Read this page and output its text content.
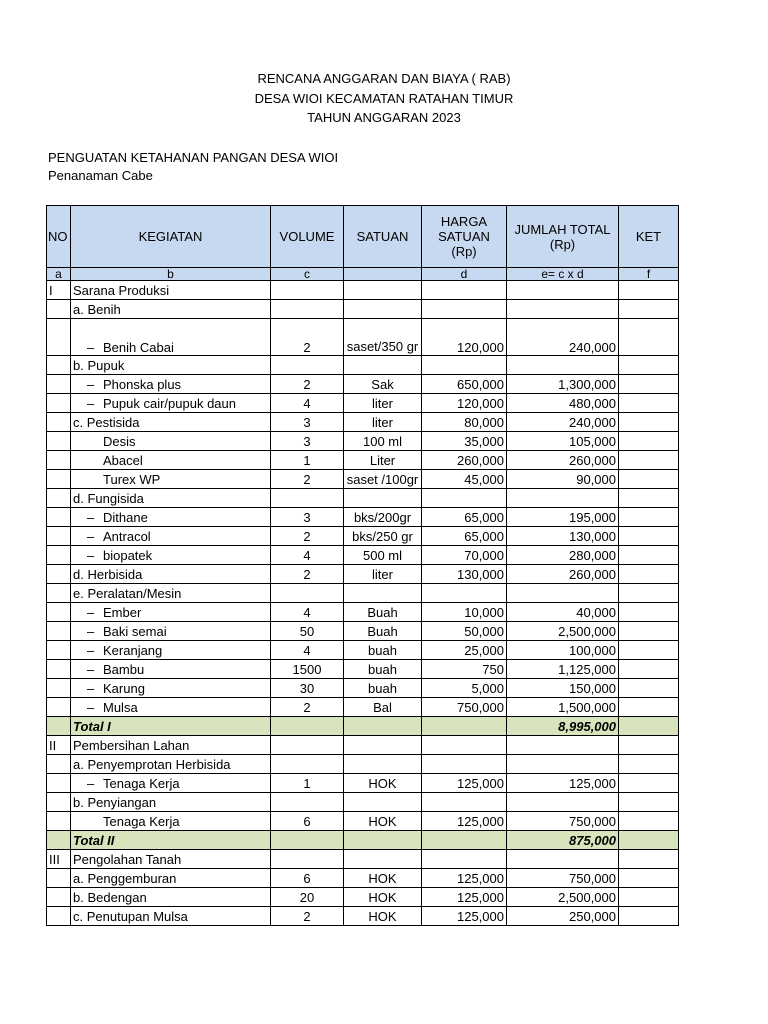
RENCANA ANGGARAN DAN BIAYA ( RAB)
DESA WIOI KECAMATAN RATAHAN TIMUR
TAHUN ANGGARAN 2023
PENGUATAN KETAHANAN PANGAN DESA WIOI
Penanaman Cabe
NO	KEGIATAN	VOLUME	SATUAN	HARGA SATUAN (Rp)	JUMLAH TOTAL (Rp)	KET
a	b	c		d	e= c x d	f
I	Sarana Produksi					
	a. Benih					
	– Benih Cabai	2	saset/350 gr	120,000	240,000	
	b. Pupuk					
	– Phonska plus	2	Sak	650,000	1,300,000	
	– Pupuk cair/pupuk daun	4	liter	120,000	480,000	
	c. Pestisida	3	liter	80,000	240,000	
	Desis	3	100 ml	35,000	105,000	
	Abacel	1	Liter	260,000	260,000	
	Turex WP	2	saset /100gr	45,000	90,000	
	d. Fungisida					
	– Dithane	3	bks/200gr	65,000	195,000	
	– Antracol	2	bks/250 gr	65,000	130,000	
	– biopatek	4	500 ml	70,000	280,000	
	d. Herbisida	2	liter	130,000	260,000	
	e. Peralatan/Mesin					
	– Ember	4	Buah	10,000	40,000	
	– Baki semai	50	Buah	50,000	2,500,000	
	– Keranjang	4	buah	25,000	100,000	
	– Bambu	1500	buah	750	1,125,000	
	– Karung	30	buah	5,000	150,000	
	– Mulsa	2	Bal	750,000	1,500,000	
	Total I				8,995,000	
II	Pembersihan Lahan					
	a. Penyemprotan Herbisida					
	– Tenaga Kerja	1	HOK	125,000	125,000	
	b. Penyiangan					
	Tenaga Kerja	6	HOK	125,000	750,000	
	Total II				875,000	
III	Pengolahan Tanah					
	a. Penggemburan	6	HOK	125,000	750,000	
	b. Bedengan	20	HOK	125,000	2,500,000	
	c. Penutupan Mulsa	2	HOK	125,000	250,000	
